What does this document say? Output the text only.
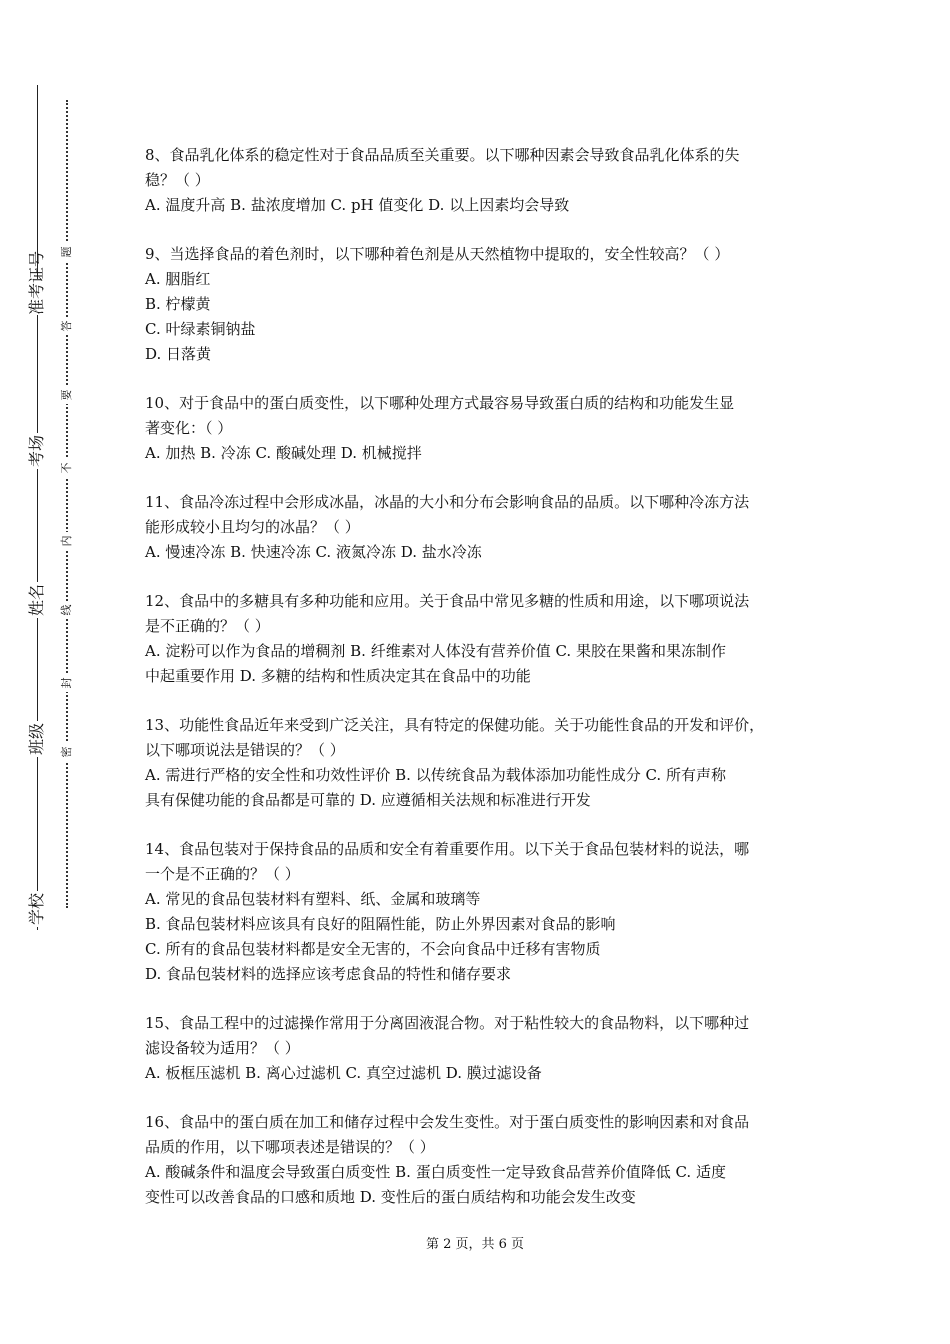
准考证号
考场
姓名
班级
学校
题
答
要
不
内
线
封
密
8、食品乳化体系的稳定性对于食品品质至关重要。以下哪种因素会导致食品乳化体系的失
稳？（ ）
A. 温度升高 B. 盐浓度增加 C. pH 值变化 D. 以上因素均会导致
9、当选择食品的着色剂时，以下哪种着色剂是从天然植物中提取的，安全性较高？（ ）
A. 胭脂红
B. 柠檬黄
C. 叶绿素铜钠盐
D. 日落黄
10、对于食品中的蛋白质变性，以下哪种处理方式最容易导致蛋白质的结构和功能发生显
著变化：（ ）
A. 加热 B. 冷冻 C. 酸碱处理 D. 机械搅拌
11、食品冷冻过程中会形成冰晶，冰晶的大小和分布会影响食品的品质。以下哪种冷冻方法
能形成较小且均匀的冰晶？（ ）
A. 慢速冷冻 B. 快速冷冻 C. 液氮冷冻 D. 盐水冷冻
12、食品中的多糖具有多种功能和应用。关于食品中常见多糖的性质和用途，以下哪项说法
是不正确的？（ ）
A. 淀粉可以作为食品的增稠剂 B. 纤维素对人体没有营养价值 C. 果胶在果酱和果冻制作
中起重要作用 D. 多糖的结构和性质决定其在食品中的功能
13、功能性食品近年来受到广泛关注，具有特定的保健功能。关于功能性食品的开发和评价，
以下哪项说法是错误的？（ ）
A. 需进行严格的安全性和功效性评价 B. 以传统食品为载体添加功能性成分 C. 所有声称
具有保健功能的食品都是可靠的 D. 应遵循相关法规和标准进行开发
14、食品包装对于保持食品的品质和安全有着重要作用。以下关于食品包装材料的说法，哪
一个是不正确的？（ ）
A. 常见的食品包装材料有塑料、纸、金属和玻璃等
B. 食品包装材料应该具有良好的阻隔性能，防止外界因素对食品的影响
C. 所有的食品包装材料都是安全无害的，不会向食品中迁移有害物质
D. 食品包装材料的选择应该考虑食品的特性和储存要求
15、食品工程中的过滤操作常用于分离固液混合物。对于粘性较大的食品物料，以下哪种过
滤设备较为适用？（ ）
A. 板框压滤机 B. 离心过滤机 C. 真空过滤机 D. 膜过滤设备
16、食品中的蛋白质在加工和储存过程中会发生变性。对于蛋白质变性的影响因素和对食品
品质的作用，以下哪项表述是错误的？（ ）
A. 酸碱条件和温度会导致蛋白质变性 B. 蛋白质变性一定导致食品营养价值降低 C. 适度
变性可以改善食品的口感和质地 D. 变性后的蛋白质结构和功能会发生改变
第 2 页，共 6 页
